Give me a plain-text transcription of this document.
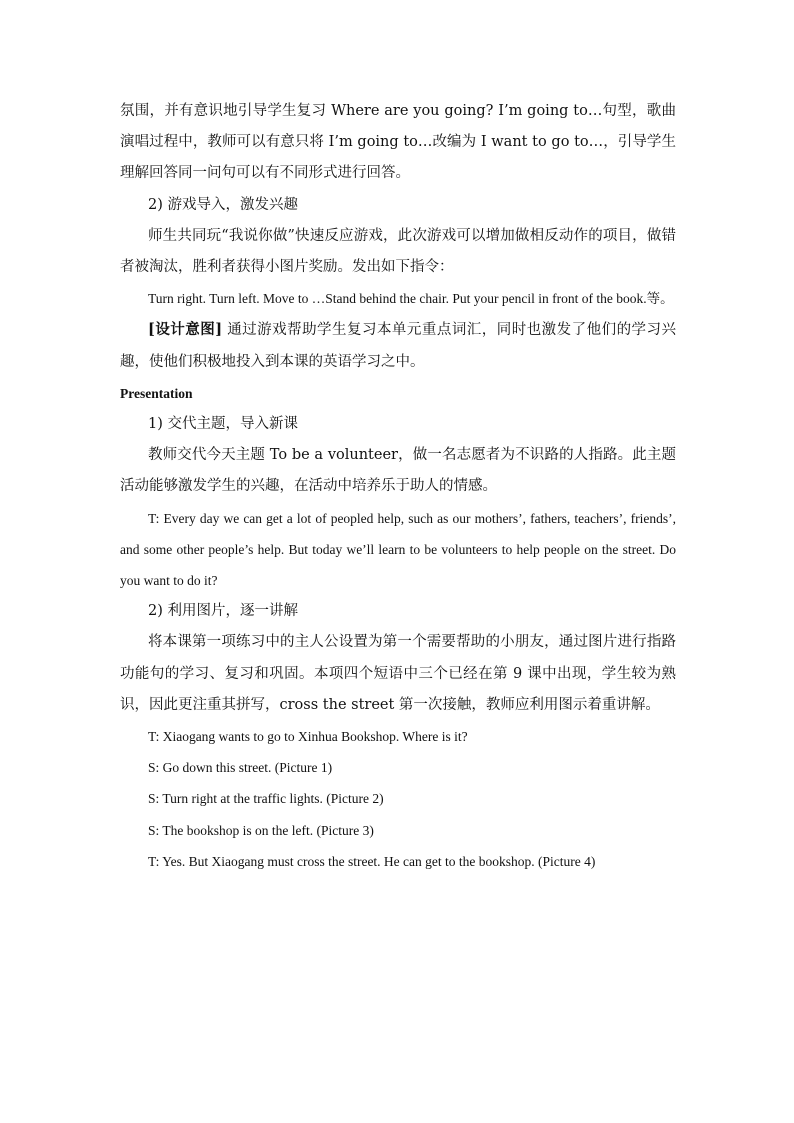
氛围，并有意识地引导学生复习 Where are you going? I’m going to…句型，歌曲演唱过程中，教师可以有意只将 I’m going to…改编为 I want to go to…，引导学生理解回答同一问句可以有不同形式进行回答。

2) 游戏导入，激发兴趣

师生共同玩“我说你做”快速反应游戏，此次游戏可以增加做相反动作的项目，做错者被淘汰，胜利者获得小图片奖励。发出如下指令：

Turn right. Turn left. Move to …Stand behind the chair. Put your pencil in front of the book.等。

[设计意图] 通过游戏帮助学生复习本单元重点词汇，同时也激发了他们的学习兴趣，使他们积极地投入到本课的英语学习之中。

Presentation

1) 交代主题，导入新课

教师交代今天主题 To be a volunteer，做一名志愿者为不识路的人指路。此主题活动能够激发学生的兴趣，在活动中培养乐于助人的情感。

T: Every day we can get a lot of peopled help, such as our mothers’, fathers, teachers’, friends’, and some other people’s help. But today we’ll learn to be volunteers to help people on the street. Do you want to do it?

2) 利用图片，逐一讲解

将本课第一项练习中的主人公设置为第一个需要帮助的小朋友，通过图片进行指路功能句的学习、复习和巩固。本项四个短语中三个已经在第 9 课中出现，学生较为熟识，因此更注重其拼写，cross the street 第一次接触，教师应利用图示着重讲解。

T: Xiaogang wants to go to Xinhua Bookshop. Where is it?

S: Go down this street. (Picture 1)

S: Turn right at the traffic lights. (Picture 2)

S: The bookshop is on the left. (Picture 3)

T: Yes. But Xiaogang must cross the street. He can get to the bookshop. (Picture 4)
